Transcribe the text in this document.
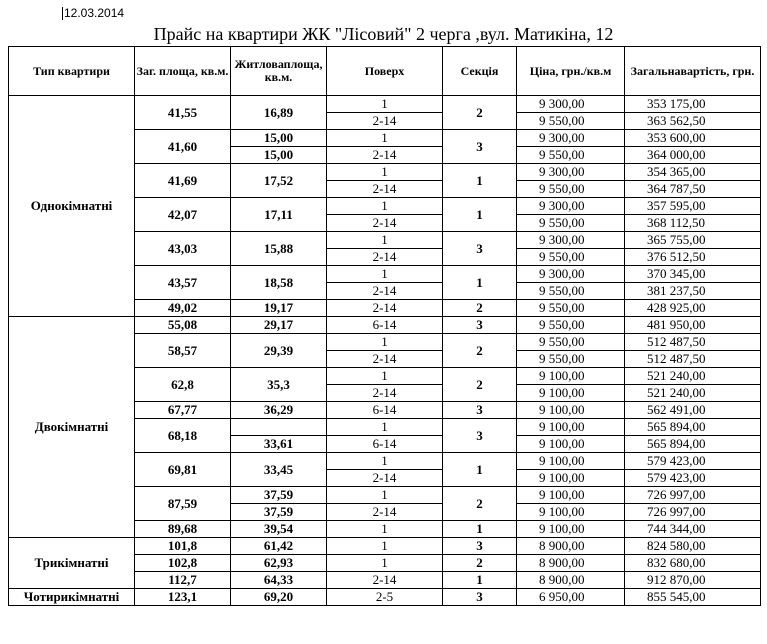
12.03.2014
Прайс на квартири ЖК "Лісовий" 2 черга ,вул. Матикіна, 12
Тип квартири	Заг. площа, кв.м.	Житловаплоща, кв.м.	Поверх	Секція	Ціна, грн./кв.м	Загальнавартість, грн.
Однокімнатні	41,55	16,89	1	2	9 300,00	353 175,00
			2-14		9 550,00	363 562,50
	41,60	15,00	1	3	9 300,00	353 600,00
		15,00	2-14		9 550,00	364 000,00
	41,69	17,52	1	1	9 300,00	354 365,00
			2-14		9 550,00	364 787,50
	42,07	17,11	1	1	9 300,00	357 595,00
			2-14		9 550,00	368 112,50
	43,03	15,88	1	3	9 300,00	365 755,00
			2-14		9 550,00	376 512,50
	43,57	18,58	1	1	9 300,00	370 345,00
			2-14		9 550,00	381 237,50
	49,02	19,17	2-14	2	9 550,00	428 925,00
Двокімнатні	55,08	29,17	6-14	3	9 550,00	481 950,00
	58,57	29,39	1	2	9 550,00	512 487,50
			2-14		9 550,00	512 487,50
	62,8	35,3	1	2	9 100,00	521 240,00
			2-14		9 100,00	521 240,00
	67,77	36,29	6-14	3	9 100,00	562 491,00
	68,18		1	3	9 100,00	565 894,00
		33,61	6-14		9 100,00	565 894,00
	69,81	33,45	1	1	9 100,00	579 423,00
			2-14		9 100,00	579 423,00
	87,59	37,59	1	2	9 100,00	726 997,00
		37,59	2-14		9 100,00	726 997,00
	89,68	39,54	1	1	9 100,00	744 344,00
Трикімнатні	101,8	61,42	1	3	8 900,00	824 580,00
	102,8	62,93	1	2	8 900,00	832 680,00
	112,7	64,33	2-14	1	8 900,00	912 870,00
Чотирикімнатні	123,1	69,20	2-5	3	6 950,00	855 545,00
